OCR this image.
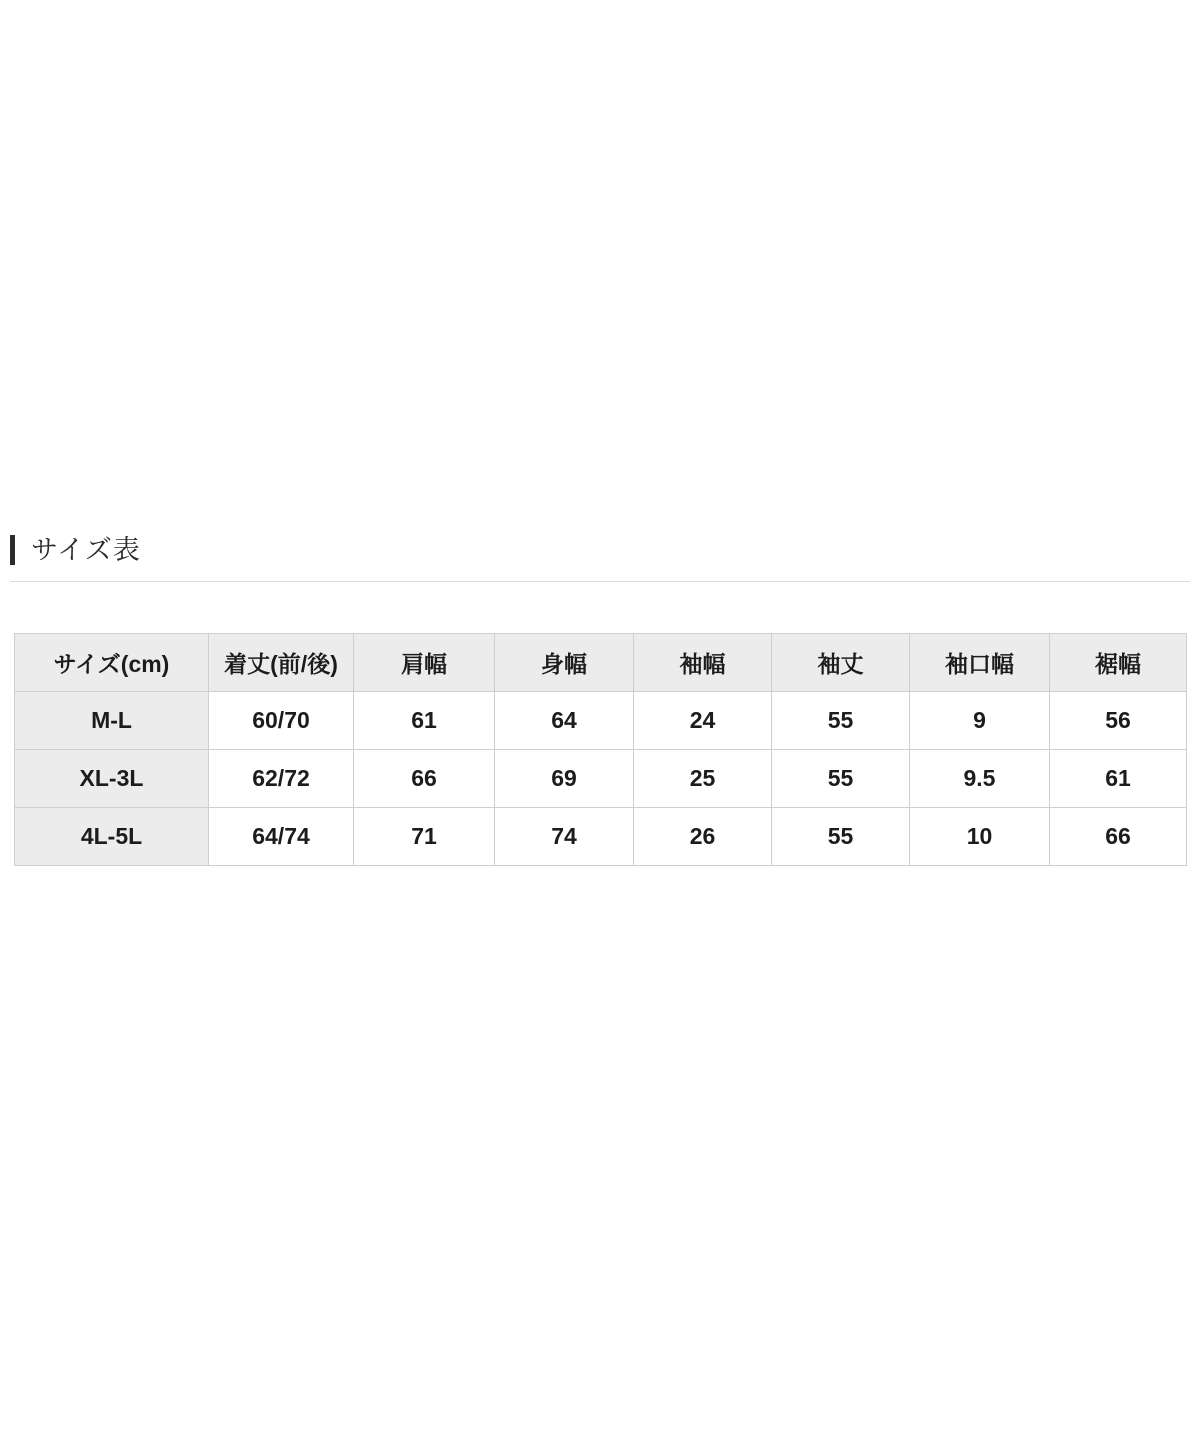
サイズ表
サイズ(cm)	着丈(前/後)	肩幅	身幅	袖幅	袖丈	袖口幅	裾幅
M-L	60/70	61	64	24	55	9	56
XL-3L	62/72	66	69	25	55	9.5	61
4L-5L	64/74	71	74	26	55	10	66
